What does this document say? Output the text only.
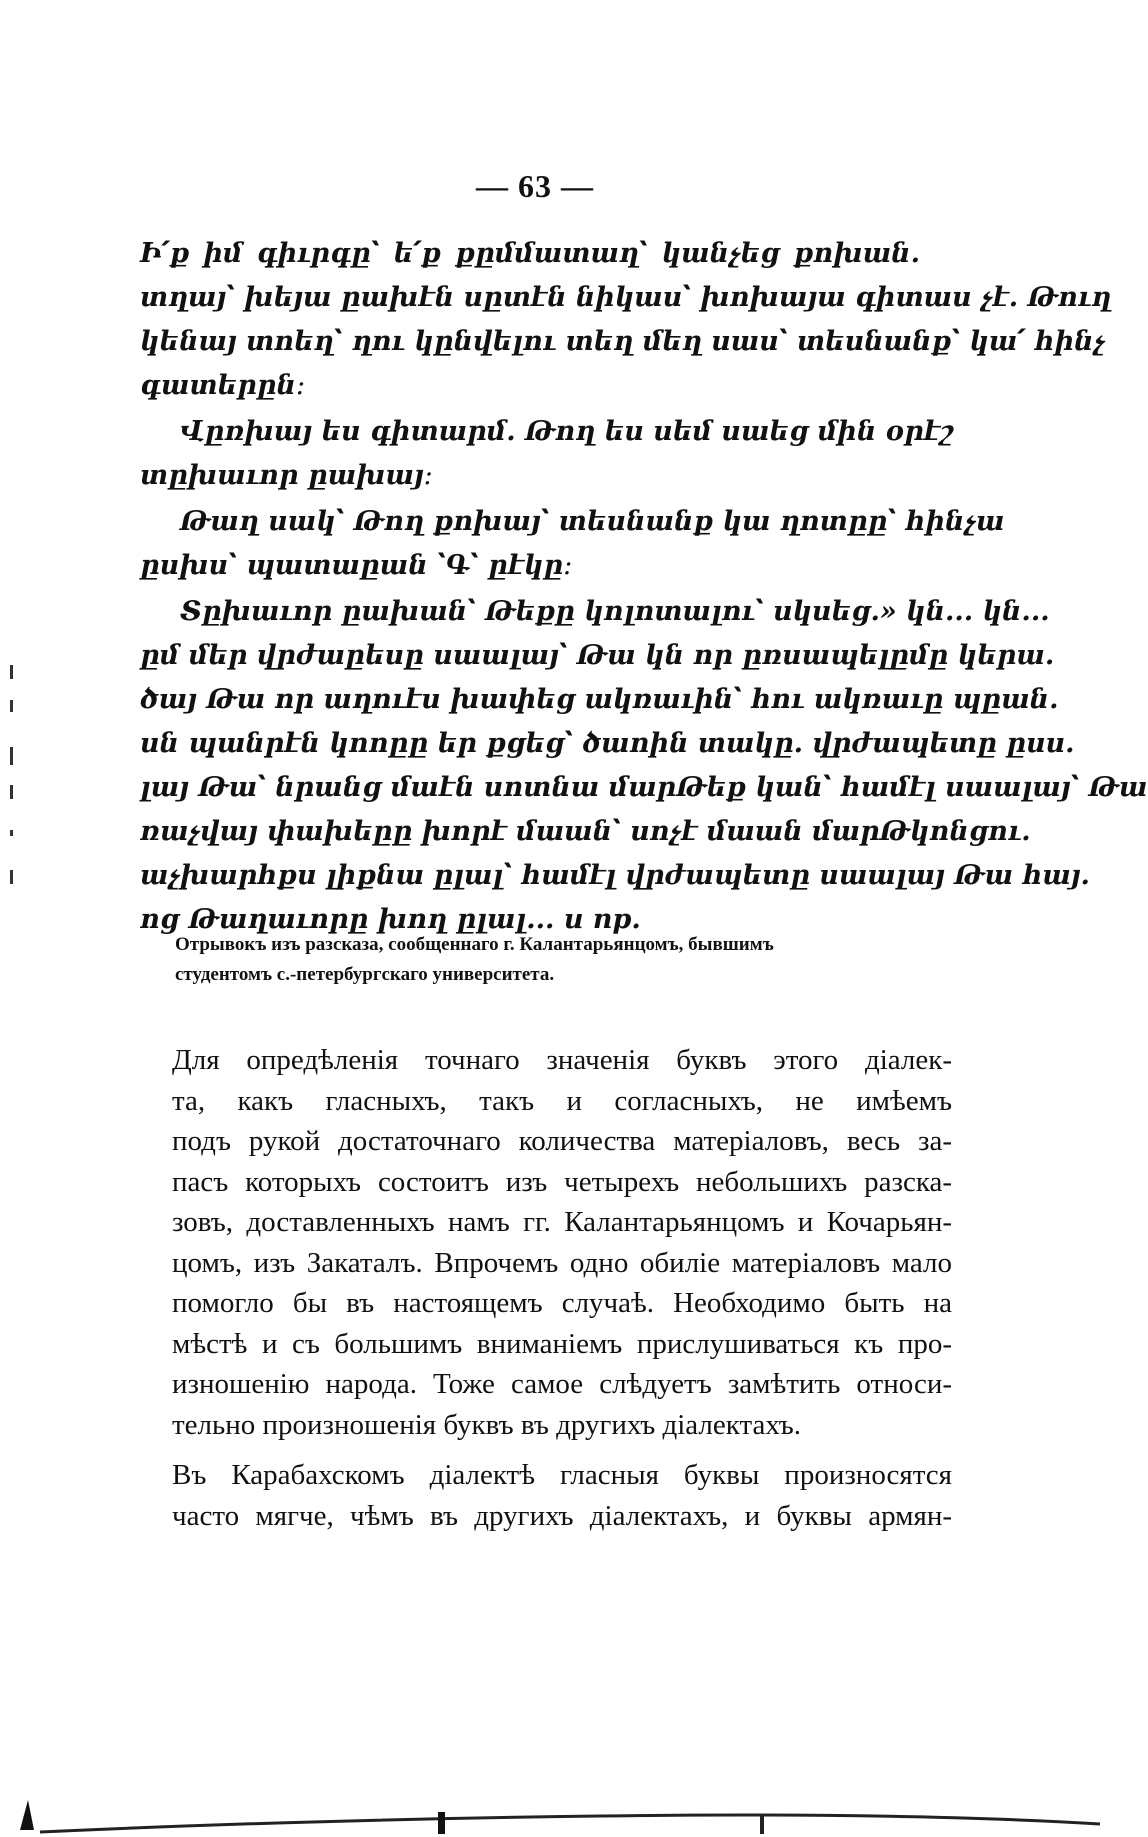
— 63 —
Ի՛ք իմ գիւրգը՝ ե՛ք քըմմատաղ՝ կանչեց քոխան.
տղայ՝ խեյա ըախէն սըտէն նիկաս՝ խոխայա գիտաս չէ. Թուղ
կենայ տոեղ՝ ղու կընվելու տեղ մեղ սաս՝ տեսնանք՝ կա՛ հինչ
գատերըն։
Վըռխայ ես գիտարմ. Թող ես սեմ սաեց մին օրէշ
տըխաւոր ըախայ։
Թաղ սակ՝ Թող քոխայ՝ տեսնանք կա ղոտըը՝ հինչա
ըսխս՝ պատաըան ՝Գ՝ ըէկը։
Տըխաւոր ըախան՝ Թեքը կոլոտալու՝ սկսեց.» կն... կն...
ըմ մեր վրժաըեսը սաալայ՝ Թա կն որ ըռսապելըմը կերա.
ծայ Թա որ աղուէս խափեց ակռաւին՝ հու ակռաւը պըան.
սն պանրէն կոոըը եր քցեց՝ ծաոին տակը. վրժապետը ըսս.
լայ Թա՝ նրանց մաէն սոտնա մարԹեք կան՝ համէլ սաալայ՝ Թա
ռաչվայ փախեըը խորէ մաան՝ սոչէ մաան մարԹկոնցու.
աչխարհքս լիքնա ըլալ՝ համէլ վրժապետը սաալայ Թա հայ.
ոց Թաղաւորը խող ըլալ... и пр.
Отрывокъ изъ разсказа, сообщеннаго г. Калантарьянцомъ, бывшимъ
студентомъ с.-петербургскаго университета.
Для опредѣленія точнаго значенія буквъ этого діалек-
та, какъ гласныхъ, такъ и согласныхъ, не имѣемъ
подъ рукой достаточнаго количества матеріаловъ, весь за-
пасъ которыхъ состоитъ изъ четырехъ небольшихъ разска-
зовъ, доставленныхъ намъ гг. Калантарьянцомъ и Кочарьян-
цомъ, изъ Закаталъ. Впрочемъ одно обиліе матеріаловъ мало
помогло бы въ настоящемъ случаѣ. Необходимо быть на
мѣстѣ и съ большимъ вниманіемъ прислушиваться къ про-
изношенію народа. Тоже самое слѣдуетъ замѣтить относи-
тельно произношенія буквъ въ другихъ діалектахъ.
Въ Карабахскомъ діалектѣ гласныя буквы произносятся
часто мягче, чѣмъ въ другихъ діалектахъ, и буквы армян-
